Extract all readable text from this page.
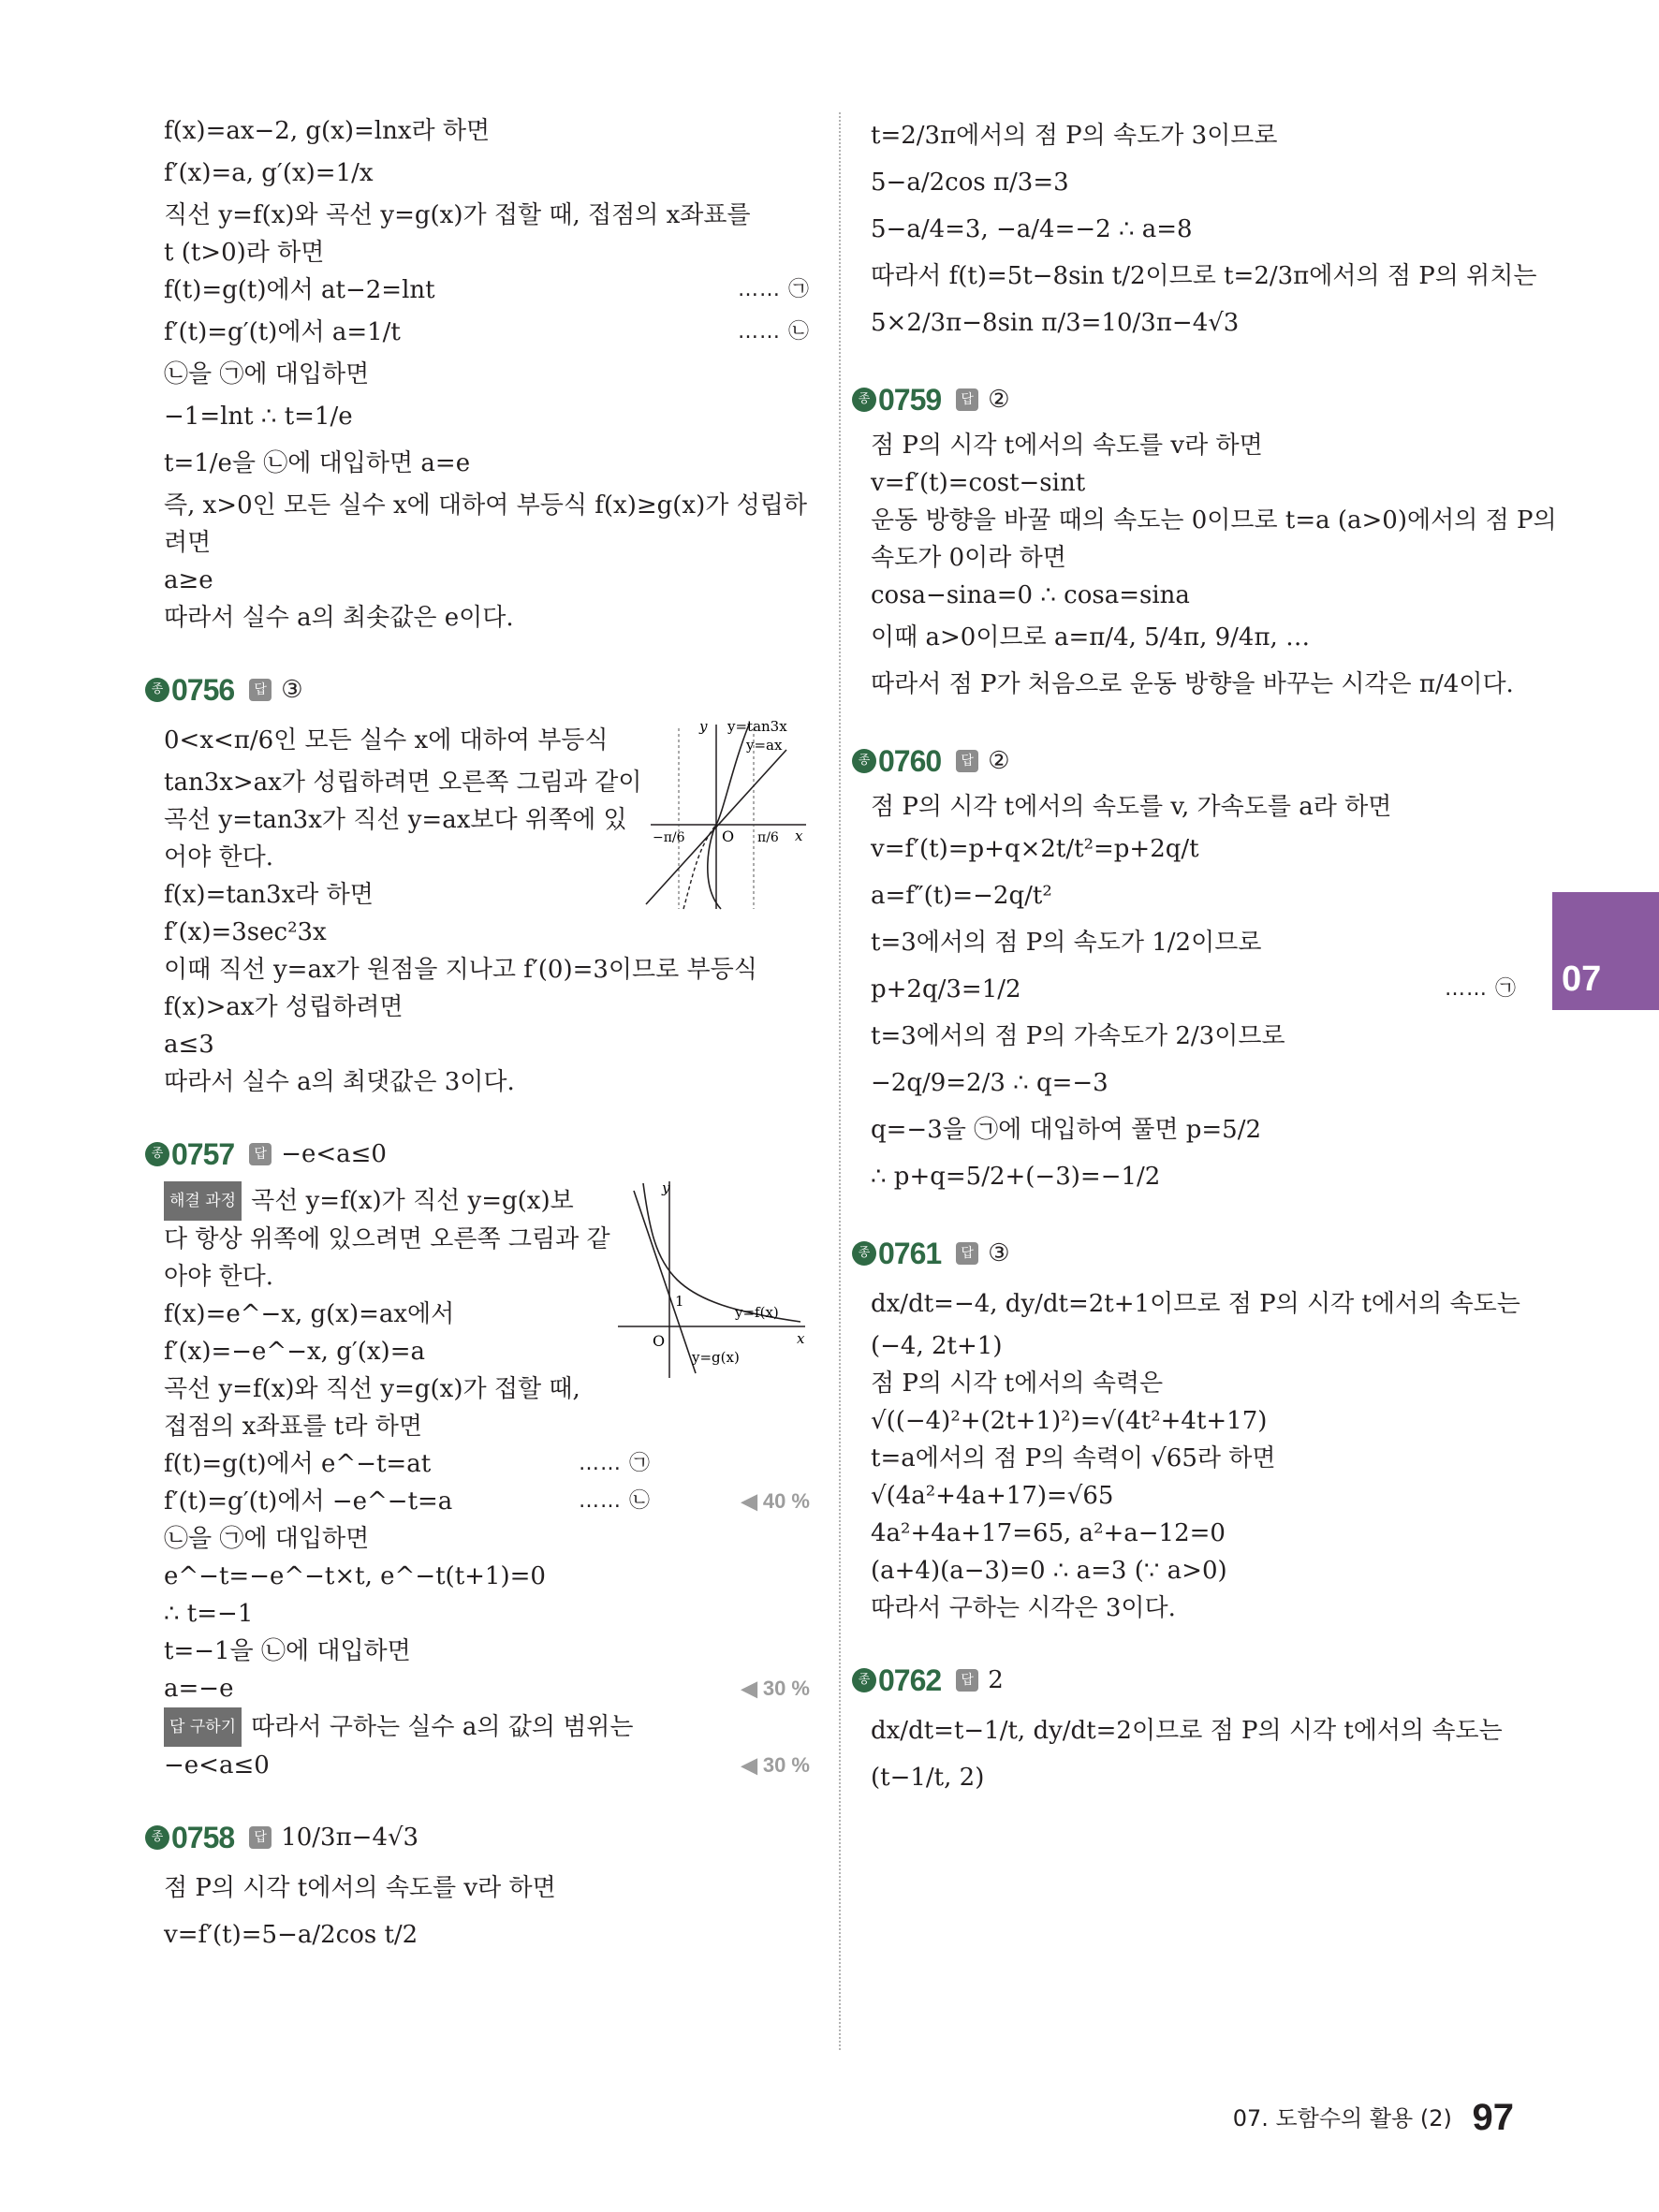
f(x)=ax−2, g(x)=lnx라 하면
f′(x)=a, g′(x)=1/x
직선 y=f(x)와 곡선 y=g(x)가 접할 때, 접점의 x좌표를
t (t>0)라 하면
f(t)=g(t)에서 at−2=lnt	…… ㉠
f′(t)=g′(t)에서 a=1/t	…… ㉡
㉡을 ㉠에 대입하면
−1=lnt ∴ t=1/e
t=1/e을 ㉡에 대입하면 a=e
즉, x>0인 모든 실수 x에 대하여 부등식 f(x)≥g(x)가 성립하
려면
a≥e
따라서 실수 a의 최솟값은 e이다.
종 0756	답 ③
0<x<π/6인 모든 실수 x에 대하여 부등식
tan3x>ax가 성립하려면 오른쪽 그림과 같이
곡선 y=tan3x가 직선 y=ax보다 위쪽에 있
어야 한다.
f(x)=tan3x라 하면
f′(x)=3sec²3x
이때 직선 y=ax가 원점을 지나고 f′(0)=3이므로 부등식
f(x)>ax가 성립하려면
a≤3
따라서 실수 a의 최댓값은 3이다.
y y=tan3x
y=ax
−π/6 O π/6 x
종 0757	답 −e<a≤0
해결 과정 곡선 y=f(x)가 직선 y=g(x)보
다 항상 위쪽에 있으려면 오른쪽 그림과 같
아야 한다.
f(x)=e^−x, g(x)=ax에서
f′(x)=−e^−x, g′(x)=a
곡선 y=f(x)와 직선 y=g(x)가 접할 때,
접점의 x좌표를 t라 하면
f(t)=g(t)에서 e^−t=at	…… ㉠
f′(t)=g′(t)에서 −e^−t=a	…… ㉡	◀ 40 %
㉡을 ㉠에 대입하면
e^−t=−e^−t×t, e^−t(t+1)=0
∴ t=−1
t=−1을 ㉡에 대입하면
a=−e	◀ 30 %
답 구하기 따라서 구하는 실수 a의 값의 범위는
−e<a≤0	◀ 30 %
y
1
O	x
y=f(x)
y=g(x)
종 0758	답 10/3π−4√3
점 P의 시각 t에서의 속도를 v라 하면
v=f′(t)=5−a/2cos t/2
t=2/3π에서의 점 P의 속도가 3이므로
5−a/2cos π/3=3
5−a/4=3, −a/4=−2 ∴ a=8
따라서 f(t)=5t−8sin t/2이므로 t=2/3π에서의 점 P의 위치는
5×2/3π−8sin π/3=10/3π−4√3
종 0759	답 ②
점 P의 시각 t에서의 속도를 v라 하면
v=f′(t)=cost−sint
운동 방향을 바꿀 때의 속도는 0이므로 t=a (a>0)에서의 점 P의
속도가 0이라 하면
cosa−sina=0 ∴ cosa=sina
이때 a>0이므로 a=π/4, 5/4π, 9/4π, …
따라서 점 P가 처음으로 운동 방향을 바꾸는 시각은 π/4이다.
종 0760	답 ②
점 P의 시각 t에서의 속도를 v, 가속도를 a라 하면
v=f′(t)=p+q×2t/t²=p+2q/t
a=f″(t)=−2q/t²
t=3에서의 점 P의 속도가 1/2이므로
p+2q/3=1/2	…… ㉠
t=3에서의 점 P의 가속도가 2/3이므로
−2q/9=2/3 ∴ q=−3
q=−3을 ㉠에 대입하여 풀면 p=5/2
∴ p+q=5/2+(−3)=−1/2
종 0761	답 ③
dx/dt=−4, dy/dt=2t+1이므로 점 P의 시각 t에서의 속도는
(−4, 2t+1)
점 P의 시각 t에서의 속력은
√((−4)²+(2t+1)²)=√(4t²+4t+17)
t=a에서의 점 P의 속력이 √65라 하면
√(4a²+4a+17)=√65
4a²+4a+17=65, a²+a−12=0
(a+4)(a−3)=0 ∴ a=3 (∵ a>0)
따라서 구하는 시각은 3이다.
종 0762	답 2
dx/dt=t−1/t, dy/dt=2이므로 점 P의 시각 t에서의 속도는
(t−1/t, 2)
07
07. 도함수의 활용 (2) 97
